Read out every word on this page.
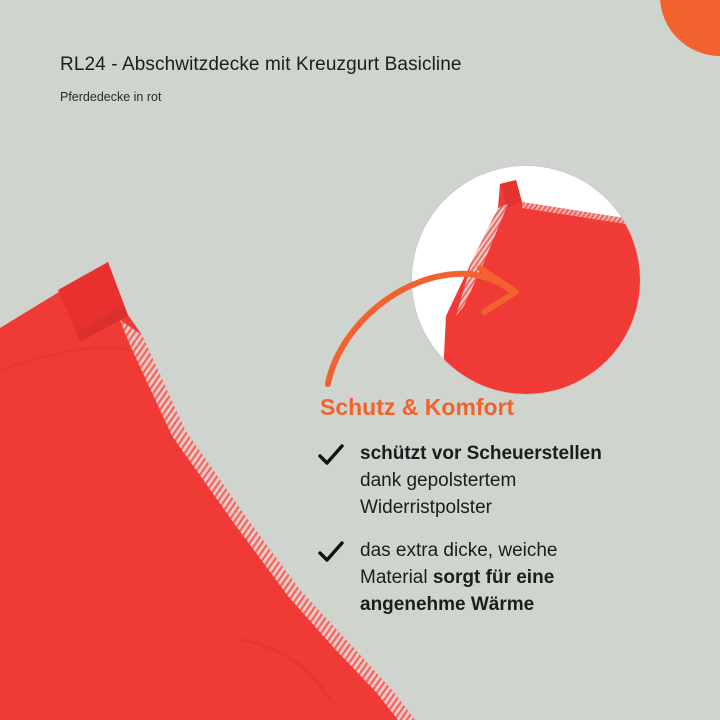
RL24 - Abschwitzdecke mit Kreuzgurt Basicline

Pferdedecke in rot

Schutz & Komfort
schützt vor Scheuerstellen
dank gepolstertem
Widerristpolster
das extra dicke, weiche
Material sorgt für eine
angenehme Wärme
